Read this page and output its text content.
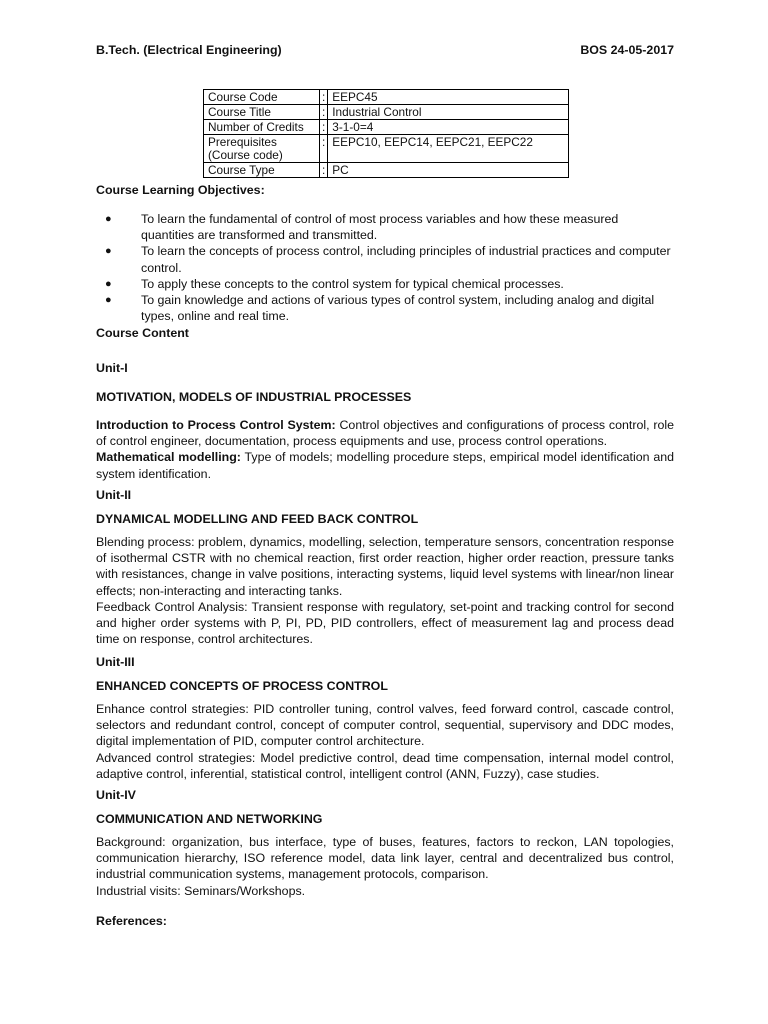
B.Tech. (Electrical Engineering)	BOS 24-05-2017
Course Code	:	EEPC45
Course Title	:	Industrial Control
Number of Credits	:	3-1-0=4
Prerequisites (Course code)	:	EEPC10, EEPC14, EEPC21, EEPC22
Course Type	:	PC
Course Learning Objectives:
● To learn the fundamental of control of most process variables and how these measured quantities are transformed and transmitted.
● To learn the concepts of process control, including principles of industrial practices and computer control.
● To apply these concepts to the control system for typical chemical processes.
● To gain knowledge and actions of various types of control system, including analog and digital types, online and real time.
Course Content
Unit-I
MOTIVATION, MODELS OF INDUSTRIAL PROCESSES
Introduction to Process Control System: Control objectives and configurations of process control, role of control engineer, documentation, process equipments and use, process control operations.
Mathematical modelling: Type of models; modelling procedure steps, empirical model identification and system identification.
Unit-II
DYNAMICAL MODELLING AND FEED BACK CONTROL
Blending process: problem, dynamics, modelling, selection, temperature sensors, concentration response of isothermal CSTR with no chemical reaction, first order reaction, higher order reaction, pressure tanks with resistances, change in valve positions, interacting systems, liquid level systems with linear/non linear effects; non-interacting and interacting tanks.
Feedback Control Analysis: Transient response with regulatory, set-point and tracking control for second and higher order systems with P, PI, PD, PID controllers, effect of measurement lag and process dead time on response, control architectures.
Unit-III
ENHANCED CONCEPTS OF PROCESS CONTROL
Enhance control strategies: PID controller tuning, control valves, feed forward control, cascade control, selectors and redundant control, concept of computer control, sequential, supervisory and DDC modes, digital implementation of PID, computer control architecture.
Advanced control strategies: Model predictive control, dead time compensation, internal model control, adaptive control, inferential, statistical control, intelligent control (ANN, Fuzzy), case studies.
Unit-IV
COMMUNICATION AND NETWORKING
Background: organization, bus interface, type of buses, features, factors to reckon, LAN topologies, communication hierarchy, ISO reference model, data link layer, central and decentralized bus control, industrial communication systems, management protocols, comparison.
Industrial visits: Seminars/Workshops.
References:
